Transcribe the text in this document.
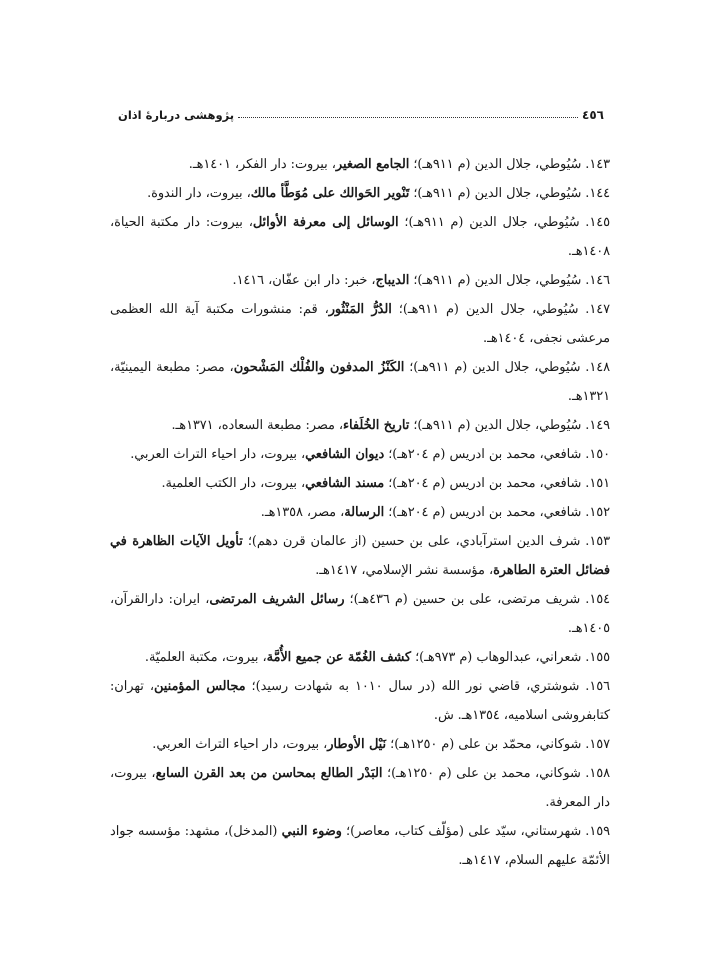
٤٥٦
پژوهشی دربارهٔ اذان
١٤٣. سُيُوطي، جلال الدين (م ٩١١هـ)؛ الجامع الصغير، بيروت: دار الفكر، ١٤٠١هـ.
١٤٤. سُيُوطي، جلال الدين (م ٩١١هـ)؛ تَنْوير الحَوالك على مُوَطَّأ مالك، بيروت، دار الندوة.
١٤٥. سُيُوطي، جلال الدين (م ٩١١هـ)؛ الوسائل إلى معرفة الأوائل، بيروت: دار مكتبة الحياة، ١٤٠٨هـ.
١٤٦. سُيُوطي، جلال الدين (م ٩١١هـ)؛ الديباج، خبر: دار ابن عفّان، ١٤١٦.
١٤٧. سُيُوطي، جلال الدين (م ٩١١هـ)؛ الدُرُّ المَنْثُور، قم: منشورات مكتبة آية الله العظمى مرعشى نجفى، ١٤٠٤هـ.
١٤٨. سُيُوطي، جلال الدين (م ٩١١هـ)؛ الكَنْزُ المدفون والفُلْك المَشْحون، مصر: مطبعة اليمينيّة، ١٣٢١هـ.
١٤٩. سُيُوطي، جلال الدين (م ٩١١هـ)؛ تاريخ الخُلَفاء، مصر: مطبعة السعاده، ١٣٧١هـ.
١٥٠. شافعي، محمد بن ادريس (م ٢٠٤هـ)؛ ديوان الشافعي، بيروت، دار احياء التراث العربي.
١٥١. شافعي، محمد بن ادريس (م ٢٠٤هـ)؛ مسند الشافعي، بيروت، دار الكتب العلمية.
١٥٢. شافعي، محمد بن ادريس (م ٢٠٤هـ)؛ الرسالة، مصر، ١٣٥٨هـ.
١٥٣. شرف الدين استرآبادي، على بن حسين (از عالمان قرن دهم)؛ تأويل الآيات الظاهرة في فضائل العترة الطاهرة، مؤسسة نشر الإسلامي، ١٤١٧هـ.
١٥٤. شريف مرتضى، على بن حسين (م ٤٣٦هـ)؛ رسائل الشريف المرتضى، ايران: دارالقرآن، ١٤٠٥هـ.
١٥٥. شعراني، عبدالوهاب (م ٩٧٣هـ)؛ كشف الغُمّة عن جميع الأُمَّة، بيروت، مكتبة العلميّة.
١٥٦. شوشتري، قاضي نور الله (در سال ١٠١٠ به شهادت رسيد)؛ مجالس المؤمنين، تهران: كتابفروشى اسلاميه، ١٣٥٤هـ. ش.
١٥٧. شوكاني، محمّد بن على (م ١٢٥٠هـ)؛ نَيْل الأوطار، بيروت، دار احياء التراث العربي.
١٥٨. شوكاني، محمد بن على (م ١٢٥٠هـ)؛ البَدْر الطالع بمحاسن من بعد القرن السابع، بيروت، دار المعرفة.
١٥٩. شهرستاني، سيّد على (مؤلّف كتاب، معاصر)؛ وضوء النبي (المدخل)، مشهد: مؤسسه جواد الأئمّة عليهم السلام، ١٤١٧هـ.
